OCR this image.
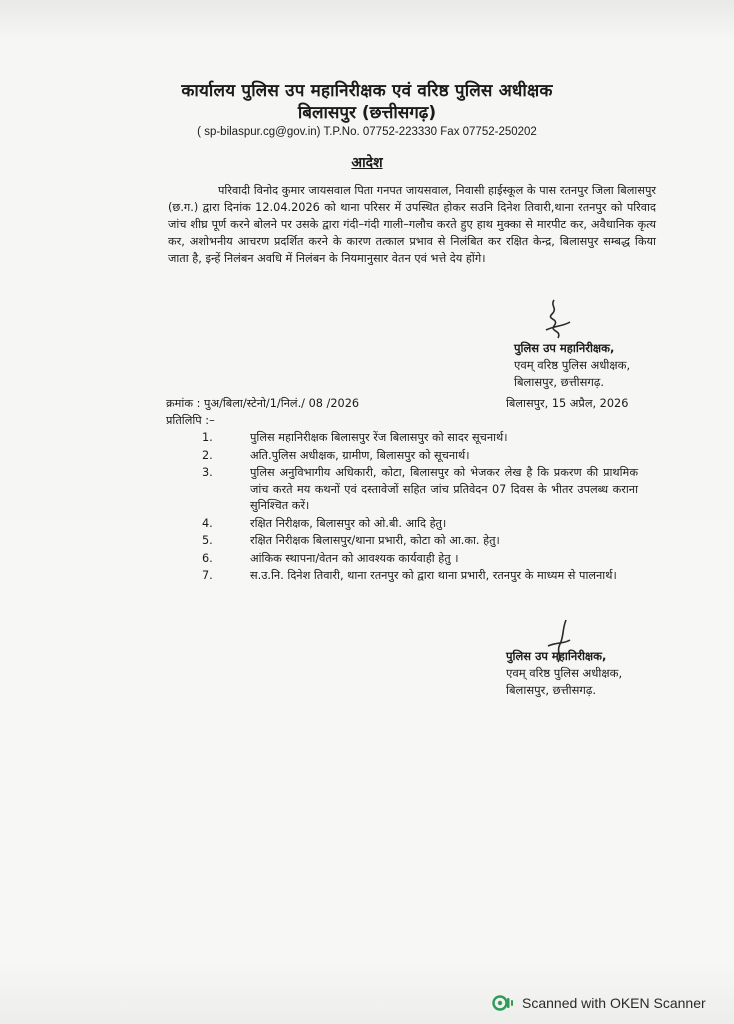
कार्यालय पुलिस उप महानिरीक्षक एवं वरिष्ठ पुलिस अधीक्षक
बिलासपुर (छत्तीसगढ़)
( sp-bilaspur.cg@gov.in) T.P.No. 07752-223330 Fax 07752-250202
आदेश
परिवादी विनोद कुमार जायसवाल पिता गनपत जायसवाल, निवासी हाईस्कूल के पास रतनपुर जिला बिलासपुर (छ.ग.) द्वारा दिनांक 12.04.2026 को थाना परिसर में उपस्थित होकर सउनि दिनेश तिवारी,थाना रतनपुर को परिवाद जांच शीघ्र पूर्ण करने बोलने पर उसके द्वारा गंदी–गंदी गाली–गलौच करते हुए हाथ मुक्का से मारपीट कर, अवैधानिक कृत्य कर, अशोभनीय आचरण प्रदर्शित करने के कारण तत्काल प्रभाव से निलंबित कर रक्षित केन्द्र, बिलासपुर सम्बद्ध किया जाता है, इन्हें निलंबन अवधि में निलंबन के नियमानुसार वेतन एवं भत्ते देय होंगे।
पुलिस उप महानिरीक्षक,
एवम् वरिष्ठ पुलिस अधीक्षक,
बिलासपुर, छत्तीसगढ़.
क्रमांक : पुअ/बिला/स्टेनो/1/निलं./ 08 /2026	बिलासपुर, 15 अप्रैल, 2026
प्रतिलिपि :–
1.	पुलिस महानिरीक्षक बिलासपुर रेंज बिलासपुर को सादर सूचनार्थ।
2.	अति.पुलिस अधीक्षक, ग्रामीण, बिलासपुर को सूचनार्थ।
3.	पुलिस अनुविभागीय अधिकारी, कोटा, बिलासपुर को भेजकर लेख है कि प्रकरण की प्राथमिक जांच करते मय कथनों एवं दस्तावेजों सहित जांच प्रतिवेदन 07 दिवस के भीतर उपलब्ध कराना सुनिश्चित करें।
4.	रक्षित निरीक्षक, बिलासपुर को ओ.बी. आदि हेतु।
5.	रक्षित निरीक्षक बिलासपुर/थाना प्रभारी, कोटा को आ.का. हेतु।
6.	आंकिक स्थापना/वेतन को आवश्यक कार्यवाही हेतु ।
7.	स.उ.नि. दिनेश तिवारी, थाना रतनपुर को द्वारा थाना प्रभारी, रतनपुर के माध्यम से पालनार्थ।
पुलिस उप महानिरीक्षक,
एवम् वरिष्ठ पुलिस अधीक्षक,
बिलासपुर, छत्तीसगढ़.
Scanned with OKEN Scanner
